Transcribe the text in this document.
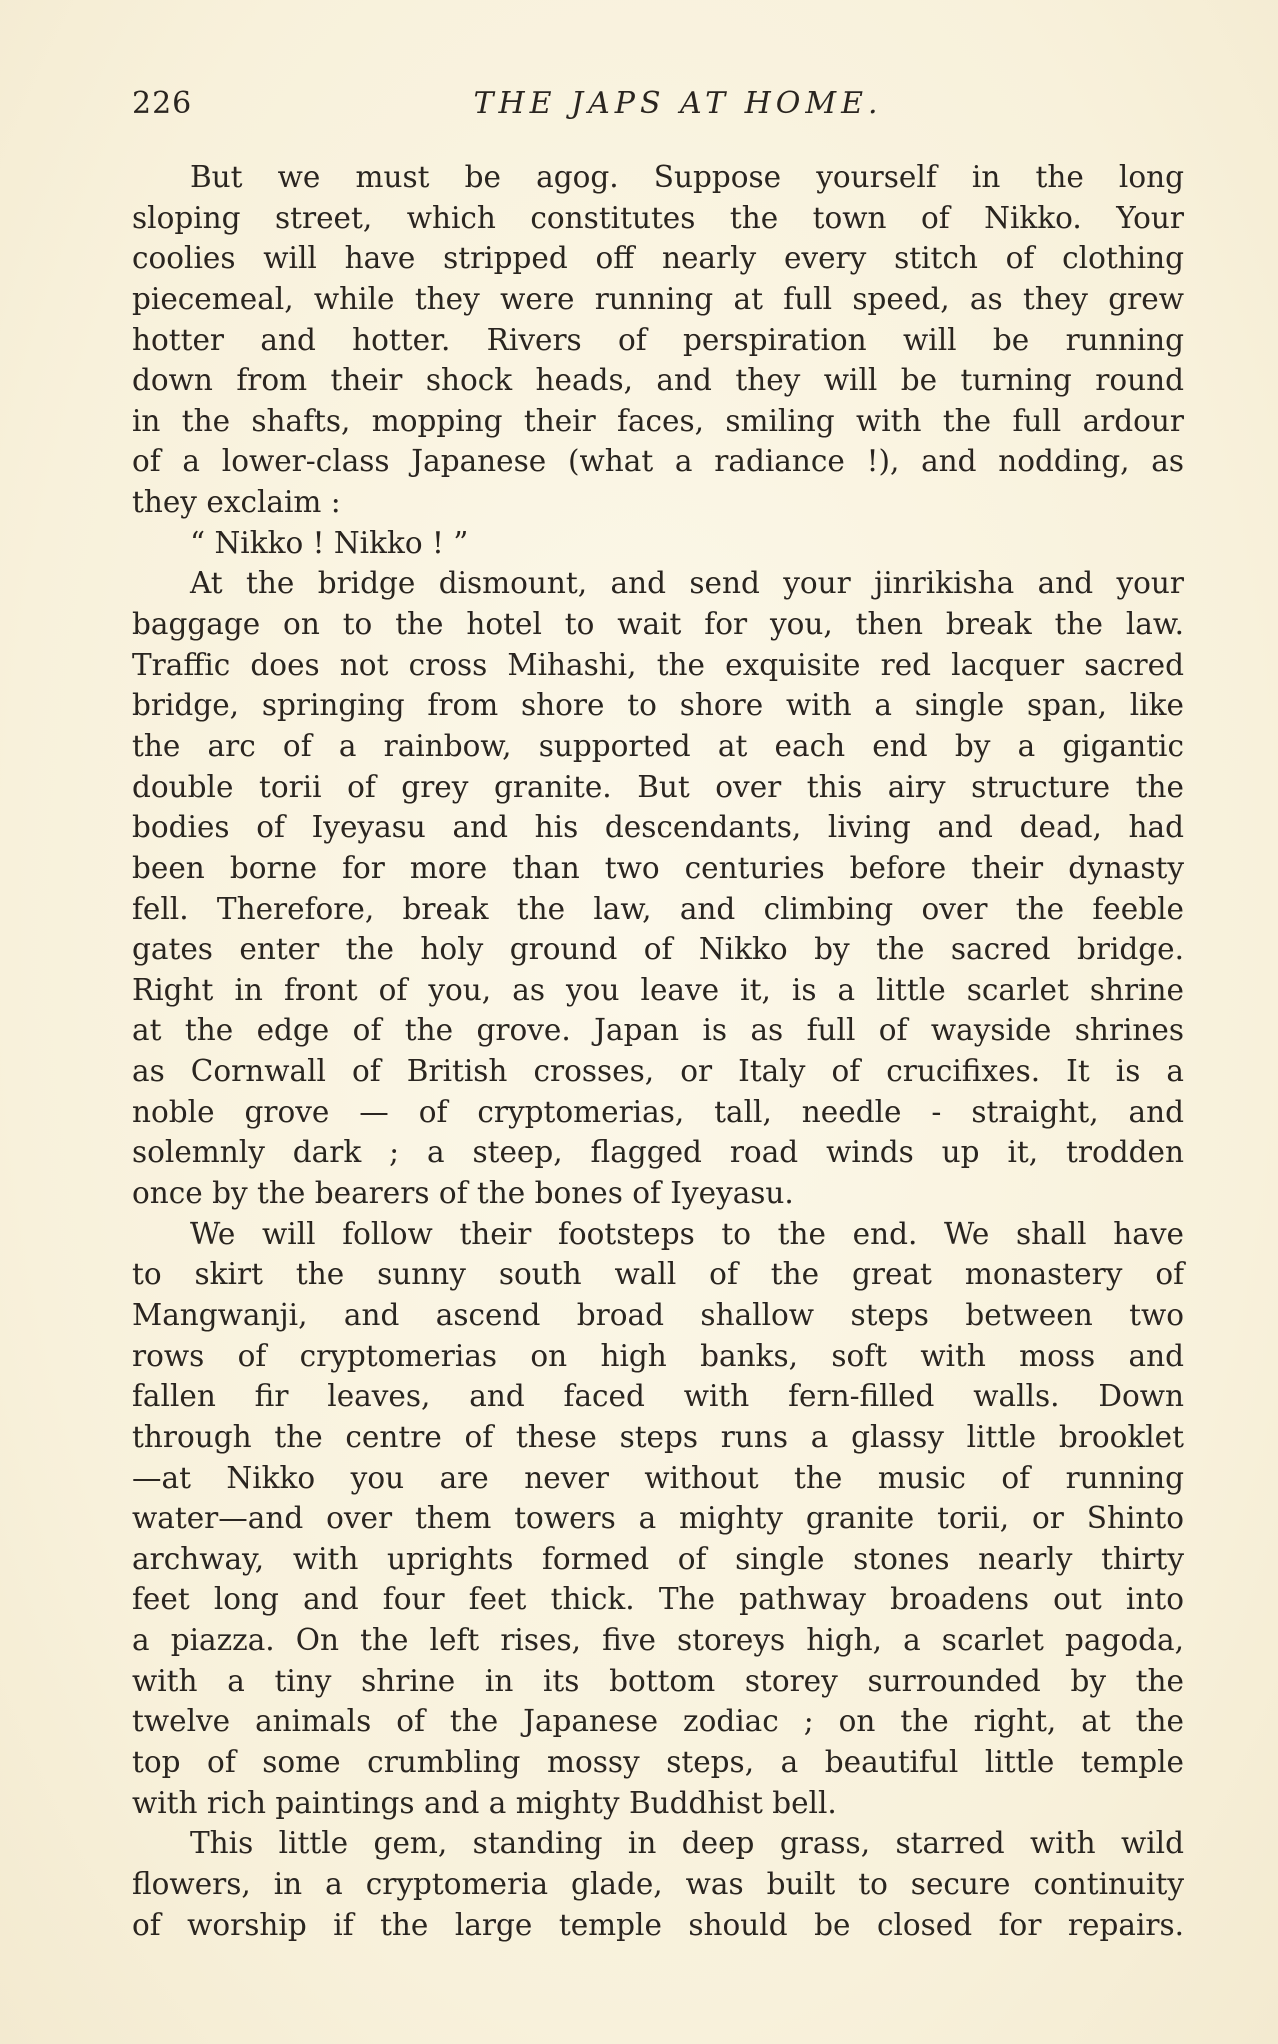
226	THE JAPS AT HOME.
But we must be agog. Suppose yourself in the long
sloping street, which constitutes the town of Nikko. Your
coolies will have stripped off nearly every stitch of clothing
piecemeal, while they were running at full speed, as they grew
hotter and hotter. Rivers of perspiration will be running
down from their shock heads, and they will be turning round
in the shafts, mopping their faces, smiling with the full ardour
of a lower-class Japanese (what a radiance !), and nodding, as
they exclaim :
“ Nikko ! Nikko ! ”
At the bridge dismount, and send your jinrikisha and your
baggage on to the hotel to wait for you, then break the law.
Traffic does not cross Mihashi, the exquisite red lacquer sacred
bridge, springing from shore to shore with a single span, like
the arc of a rainbow, supported at each end by a gigantic
double torii of grey granite. But over this airy structure the
bodies of Iyeyasu and his descendants, living and dead, had
been borne for more than two centuries before their dynasty
fell. Therefore, break the law, and climbing over the feeble
gates enter the holy ground of Nikko by the sacred bridge.
Right in front of you, as you leave it, is a little scarlet shrine
at the edge of the grove. Japan is as full of wayside shrines
as Cornwall of British crosses, or Italy of crucifixes. It is a
noble grove — of cryptomerias, tall, needle - straight, and
solemnly dark ; a steep, flagged road winds up it, trodden
once by the bearers of the bones of Iyeyasu.
We will follow their footsteps to the end. We shall have
to skirt the sunny south wall of the great monastery of
Mangwanji, and ascend broad shallow steps between two
rows of cryptomerias on high banks, soft with moss and
fallen fir leaves, and faced with fern-filled walls. Down
through the centre of these steps runs a glassy little brooklet
—at Nikko you are never without the music of running
water—and over them towers a mighty granite torii, or Shinto
archway, with uprights formed of single stones nearly thirty
feet long and four feet thick. The pathway broadens out into
a piazza. On the left rises, five storeys high, a scarlet pagoda,
with a tiny shrine in its bottom storey surrounded by the
twelve animals of the Japanese zodiac ; on the right, at the
top of some crumbling mossy steps, a beautiful little temple
with rich paintings and a mighty Buddhist bell.
This little gem, standing in deep grass, starred with wild
flowers, in a cryptomeria glade, was built to secure continuity
of worship if the large temple should be closed for repairs.
